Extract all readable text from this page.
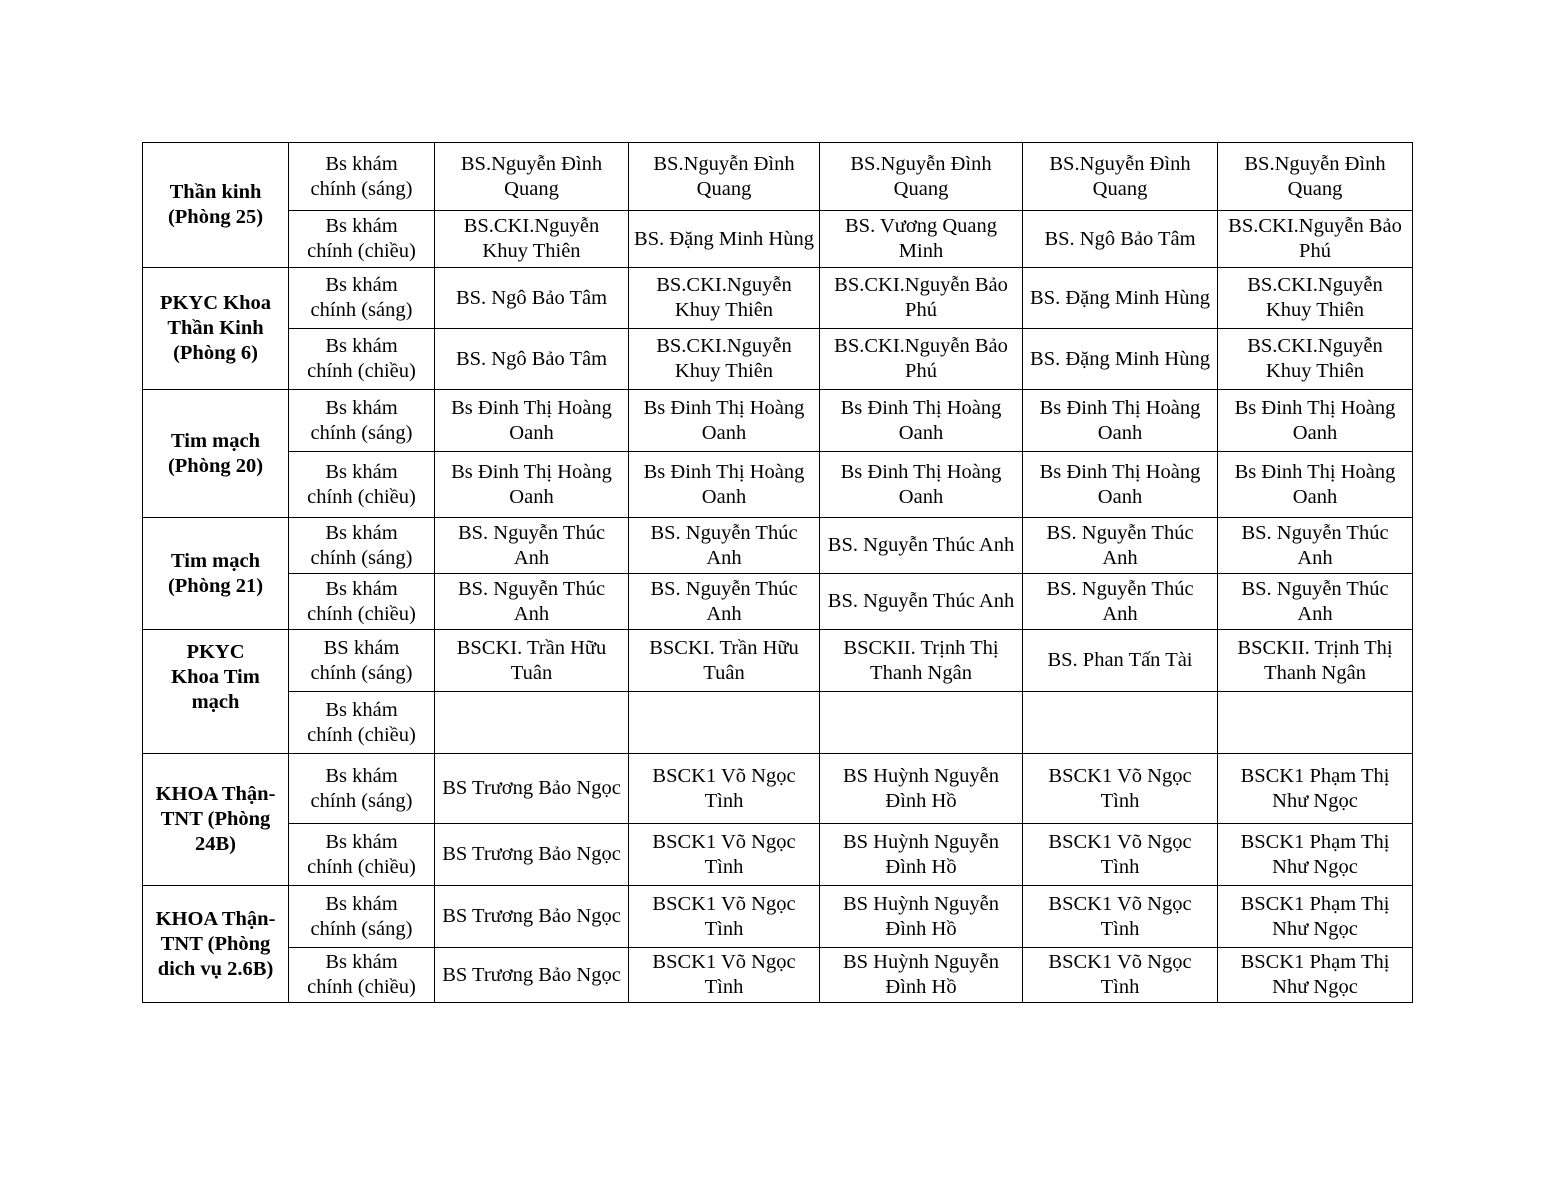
Thần kinh (Phòng 25)	Bs khám chính (sáng)	BS.Nguyễn Đình Quang	BS.Nguyễn Đình Quang	BS.Nguyễn Đình Quang	BS.Nguyễn Đình Quang	BS.Nguyễn Đình Quang
	Bs khám chính (chiều)	BS.CKI.Nguyễn Khuy Thiên	BS. Đặng Minh Hùng	BS. Vương Quang Minh	BS. Ngô Bảo Tâm	BS.CKI.Nguyễn Bảo Phú
PKYC Khoa Thần Kinh (Phòng 6)	Bs khám chính (sáng)	BS. Ngô Bảo Tâm	BS.CKI.Nguyễn Khuy Thiên	BS.CKI.Nguyễn Bảo Phú	BS. Đặng Minh Hùng	BS.CKI.Nguyễn Khuy Thiên
	Bs khám chính (chiều)	BS. Ngô Bảo Tâm	BS.CKI.Nguyễn Khuy Thiên	BS.CKI.Nguyễn Bảo Phú	BS. Đặng Minh Hùng	BS.CKI.Nguyễn Khuy Thiên
Tim mạch (Phòng 20)	Bs khám chính (sáng)	Bs Đinh Thị Hoàng Oanh	Bs Đinh Thị Hoàng Oanh	Bs Đinh Thị Hoàng Oanh	Bs Đinh Thị Hoàng Oanh	Bs Đinh Thị Hoàng Oanh
	Bs khám chính (chiều)	Bs Đinh Thị Hoàng Oanh	Bs Đinh Thị Hoàng Oanh	Bs Đinh Thị Hoàng Oanh	Bs Đinh Thị Hoàng Oanh	Bs Đinh Thị Hoàng Oanh
Tim mạch (Phòng 21)	Bs khám chính (sáng)	BS. Nguyễn Thúc Anh	BS. Nguyễn Thúc Anh	BS. Nguyễn Thúc Anh	BS. Nguyễn Thúc Anh	BS. Nguyễn Thúc Anh
	Bs khám chính (chiều)	BS. Nguyễn Thúc Anh	BS. Nguyễn Thúc Anh	BS. Nguyễn Thúc Anh	BS. Nguyễn Thúc Anh	BS. Nguyễn Thúc Anh
PKYC Khoa Tim mạch	BS khám chính (sáng)	BSCKI. Trần Hữu Tuân	BSCKI. Trần Hữu Tuân	BSCKII. Trịnh Thị Thanh Ngân	BS. Phan Tấn Tài	BSCKII. Trịnh Thị Thanh Ngân
	Bs khám chính (chiều)					
KHOA Thận-TNT (Phòng 24B)	Bs khám chính (sáng)	BS Trương Bảo Ngọc	BSCK1 Võ Ngọc Tình	BS Huỳnh Nguyễn Đình Hồ	BSCK1 Võ Ngọc Tình	BSCK1 Phạm Thị Như Ngọc
	Bs khám chính (chiều)	BS Trương Bảo Ngọc	BSCK1 Võ Ngọc Tình	BS Huỳnh Nguyễn Đình Hồ	BSCK1 Võ Ngọc Tình	BSCK1 Phạm Thị Như Ngọc
KHOA Thận-TNT (Phòng dich vụ 2.6B)	Bs khám chính (sáng)	BS Trương Bảo Ngọc	BSCK1 Võ Ngọc Tình	BS Huỳnh Nguyễn Đình Hồ	BSCK1 Võ Ngọc Tình	BSCK1 Phạm Thị Như Ngọc
	Bs khám chính (chiều)	BS Trương Bảo Ngọc	BSCK1 Võ Ngọc Tình	BS Huỳnh Nguyễn Đình Hồ	BSCK1 Võ Ngọc Tình	BSCK1 Phạm Thị Như Ngọc
